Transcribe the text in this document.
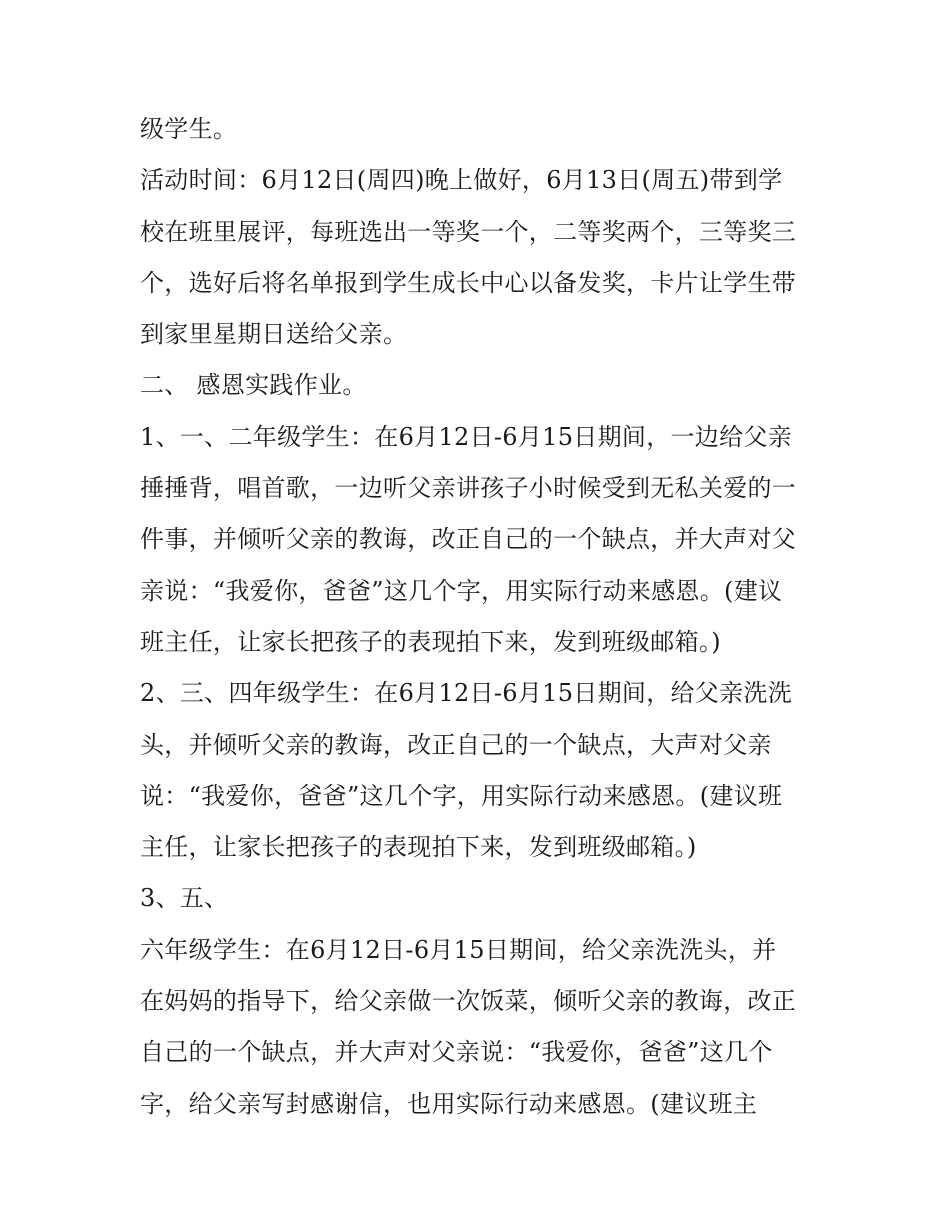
级学生。
活动时间：6月12日(周四)晚上做好，6月13日(周五)带到学
校在班里展评，每班选出一等奖一个，二等奖两个，三等奖三
个，选好后将名单报到学生成长中心以备发奖，卡片让学生带
到家里星期日送给父亲。
二、 感恩实践作业。
1、一、二年级学生：在6月12日-6月15日期间，一边给父亲
捶捶背，唱首歌，一边听父亲讲孩子小时候受到无私关爱的一
件事，并倾听父亲的教诲，改正自己的一个缺点，并大声对父
亲说：“我爱你，爸爸”这几个字，用实际行动来感恩。(建议
班主任，让家长把孩子的表现拍下来，发到班级邮箱。)
2、三、四年级学生：在6月12日-6月15日期间，给父亲洗洗
头，并倾听父亲的教诲，改正自己的一个缺点，大声对父亲
说：“我爱你，爸爸”这几个字，用实际行动来感恩。(建议班
主任，让家长把孩子的表现拍下来，发到班级邮箱。)
3、五、
六年级学生：在6月12日-6月15日期间，给父亲洗洗头，并
在妈妈的指导下，给父亲做一次饭菜，倾听父亲的教诲，改正
自己的一个缺点，并大声对父亲说：“我爱你，爸爸”这几个
字，给父亲写封感谢信，也用实际行动来感恩。(建议班主
